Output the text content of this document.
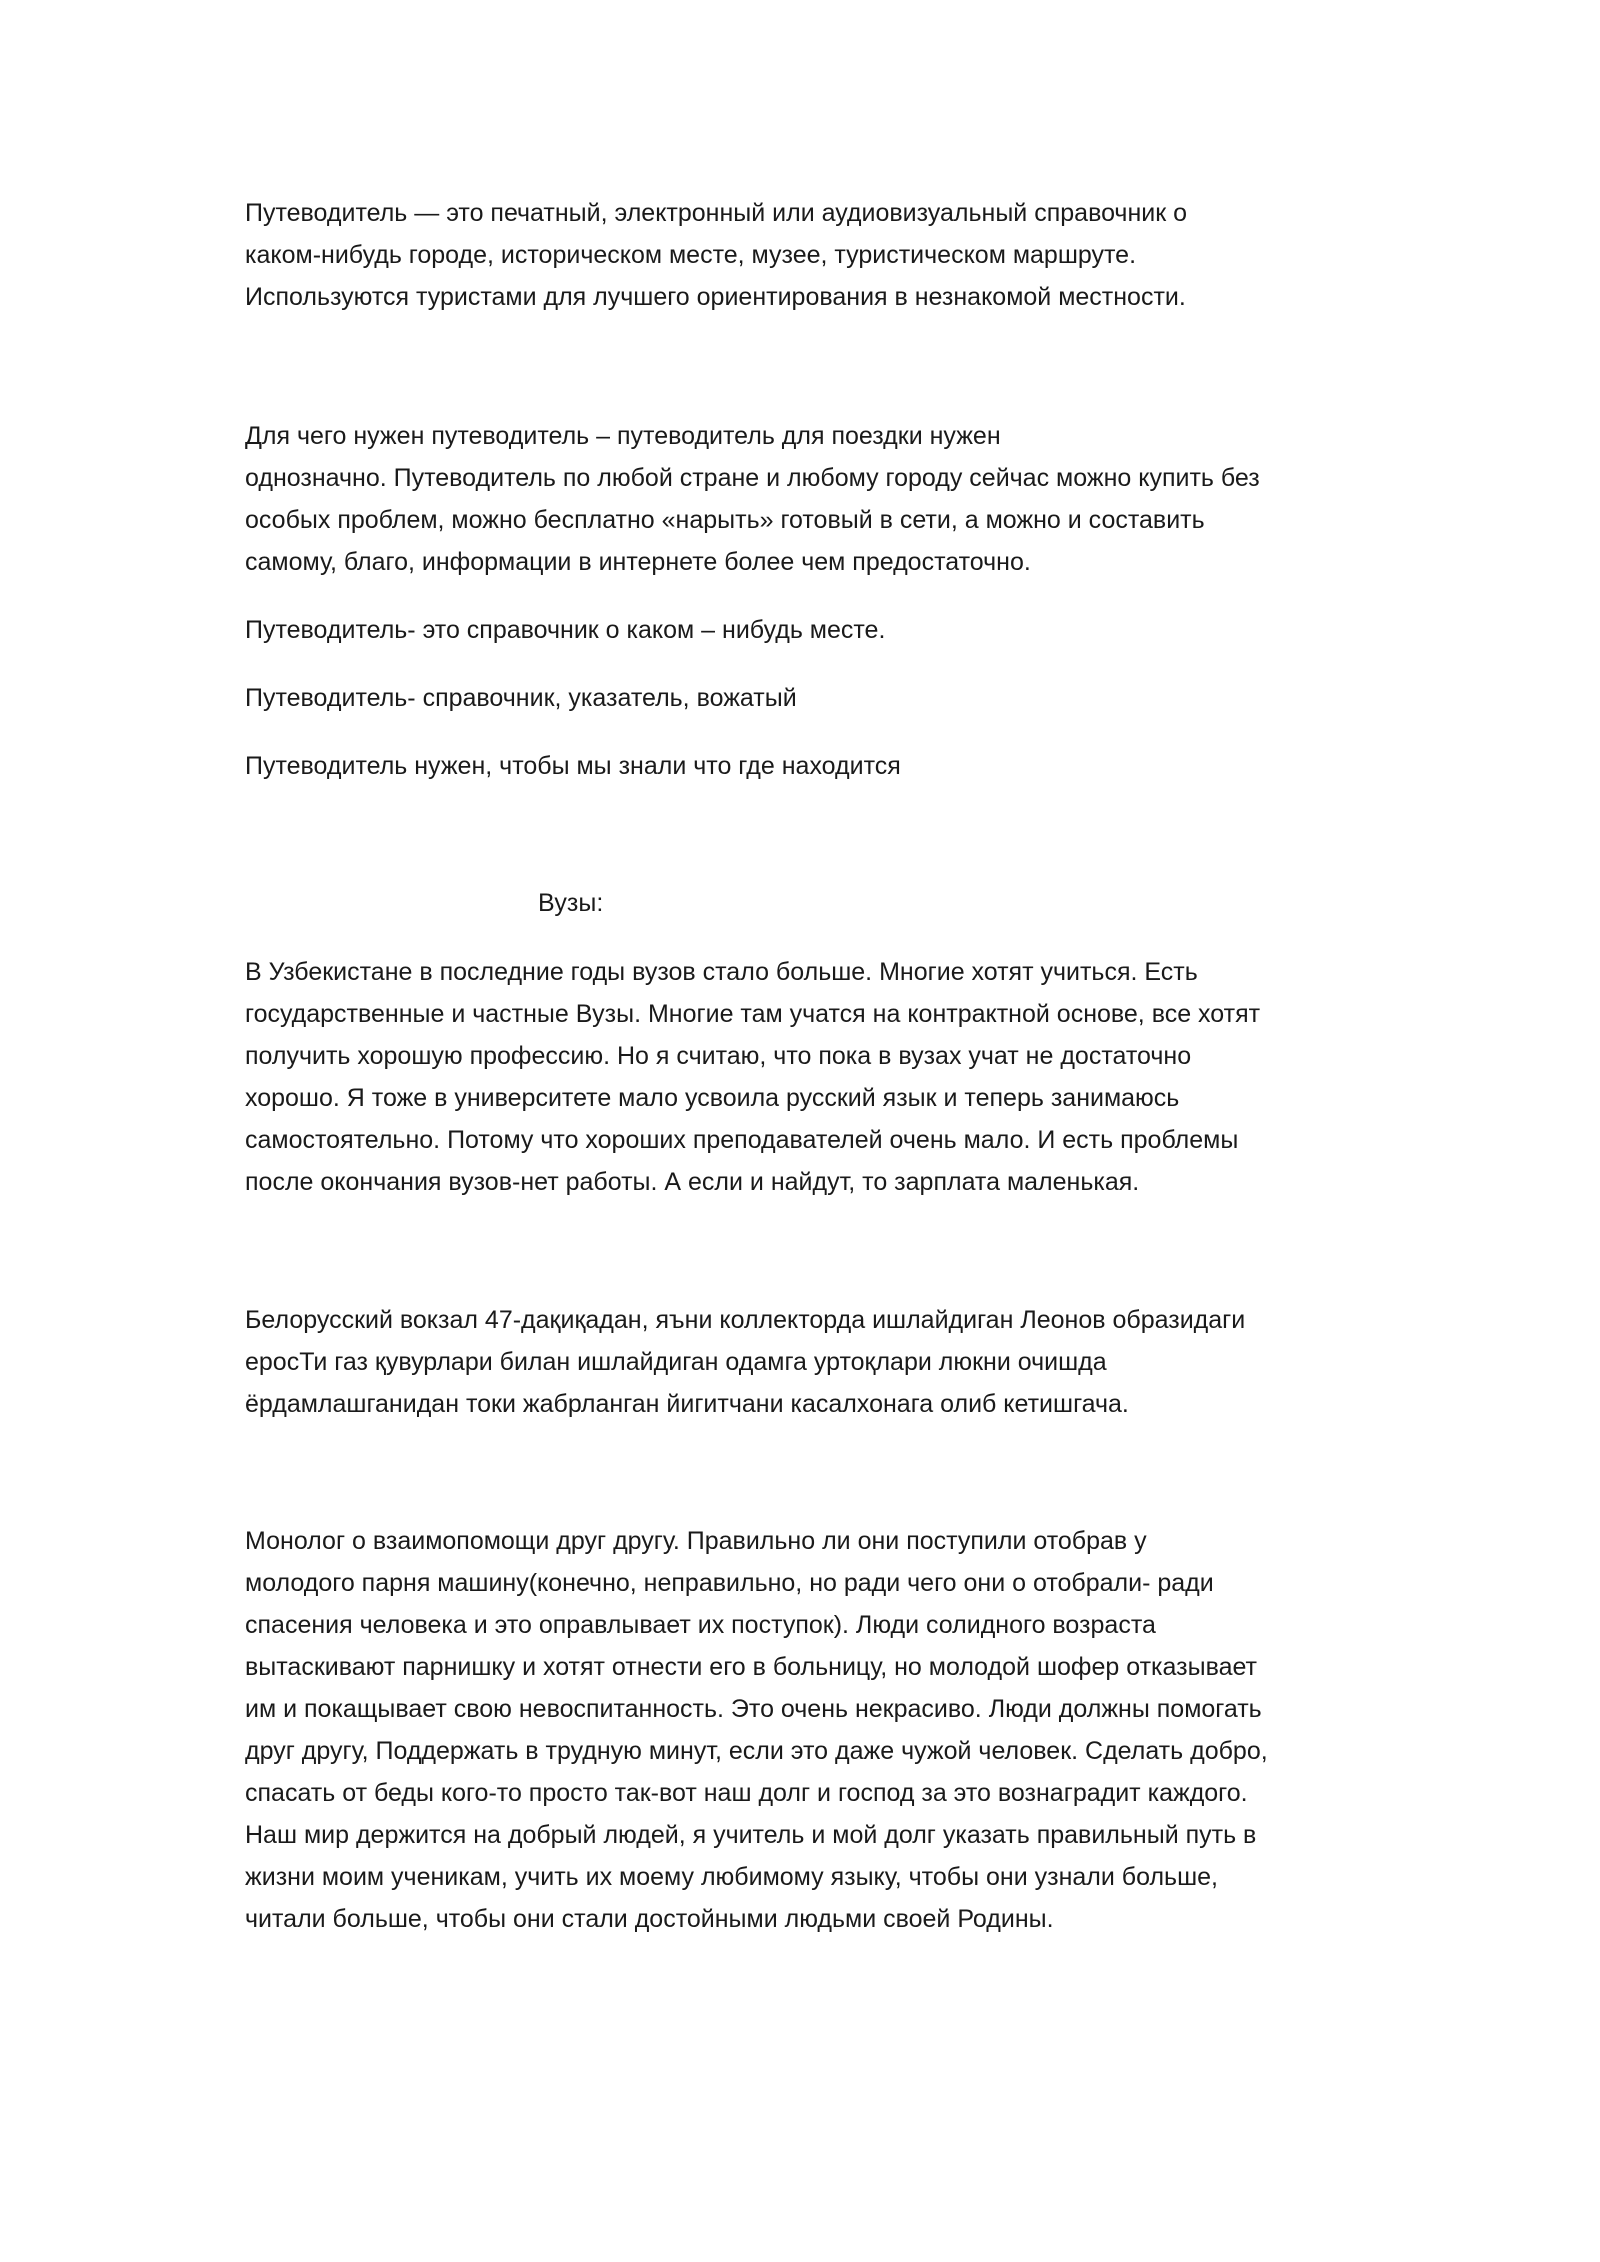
Путеводитель — это печатный, электронный или аудиовизуальный справочник о
каком-нибудь городе, историческом месте, музее, туристическом маршруте.
Используются туристами для лучшего ориентирования в незнакомой местности.

Для чего нужен путеводитель – путеводитель для поездки нужен
однозначно. Путеводитель по любой стране и любому городу сейчас можно купить без
особых проблем, можно бесплатно «нарыть» готовый в сети, а можно и составить
самому, благо, информации в интернете более чем предостаточно.

Путеводитель- это справочник о каком – нибудь месте.

Путеводитель- справочник, указатель, вожатый

Путеводитель нужен, чтобы мы знали что где находится

Вузы:

В Узбекистане в последние годы вузов стало больше. Многие хотят учиться. Есть
государственные и частные Вузы. Многие там учатся на контрактной основе, все хотят
получить хорошую профессию. Но я считаю, что пока в вузах учат не достаточно
хорошо. Я тоже в университете мало усвоила русский язык и теперь занимаюсь
самостоятельно. Потому что хороших преподавателей очень мало. И есть проблемы
после окончания вузов-нет работы. А если и найдут, то зарплата маленькая.

Белорусский вокзал 47-дақиқадан, яъни коллекторда ишлайдиган Леонов образидаги
еросТи газ қувурлари билан ишлайдиган одамга уртоқлари люкни очишда
ёрдамлашганидан токи жабрланган йигитчани касалхонага олиб кетишгача.

Монолог о взаимопомощи друг другу. Правильно ли они поступили отобрав у
молодого парня машину(конечно, неправильно, но ради чего они о отобрали- ради
спасения человека и это оправлывает их поступок). Люди солидного возраста
вытаскивают парнишку и хотят отнести его в больницу, но молодой шофер отказывает
им и покащывает свою невоспитанность. Это очень некрасиво. Люди должны помогать
друг другу, Поддержать в трудную минут, если это даже чужой человек. Сделать добро,
спасать от беды кого-то просто так-вот наш долг и господ за это вознаградит каждого.
Наш мир держится на добрый людей, я учитель и мой долг указать правильный путь в
жизни моим ученикам, учить их моему любимому языку, чтобы они узнали больше,
читали больше, чтобы они стали достойными людьми своей Родины.
